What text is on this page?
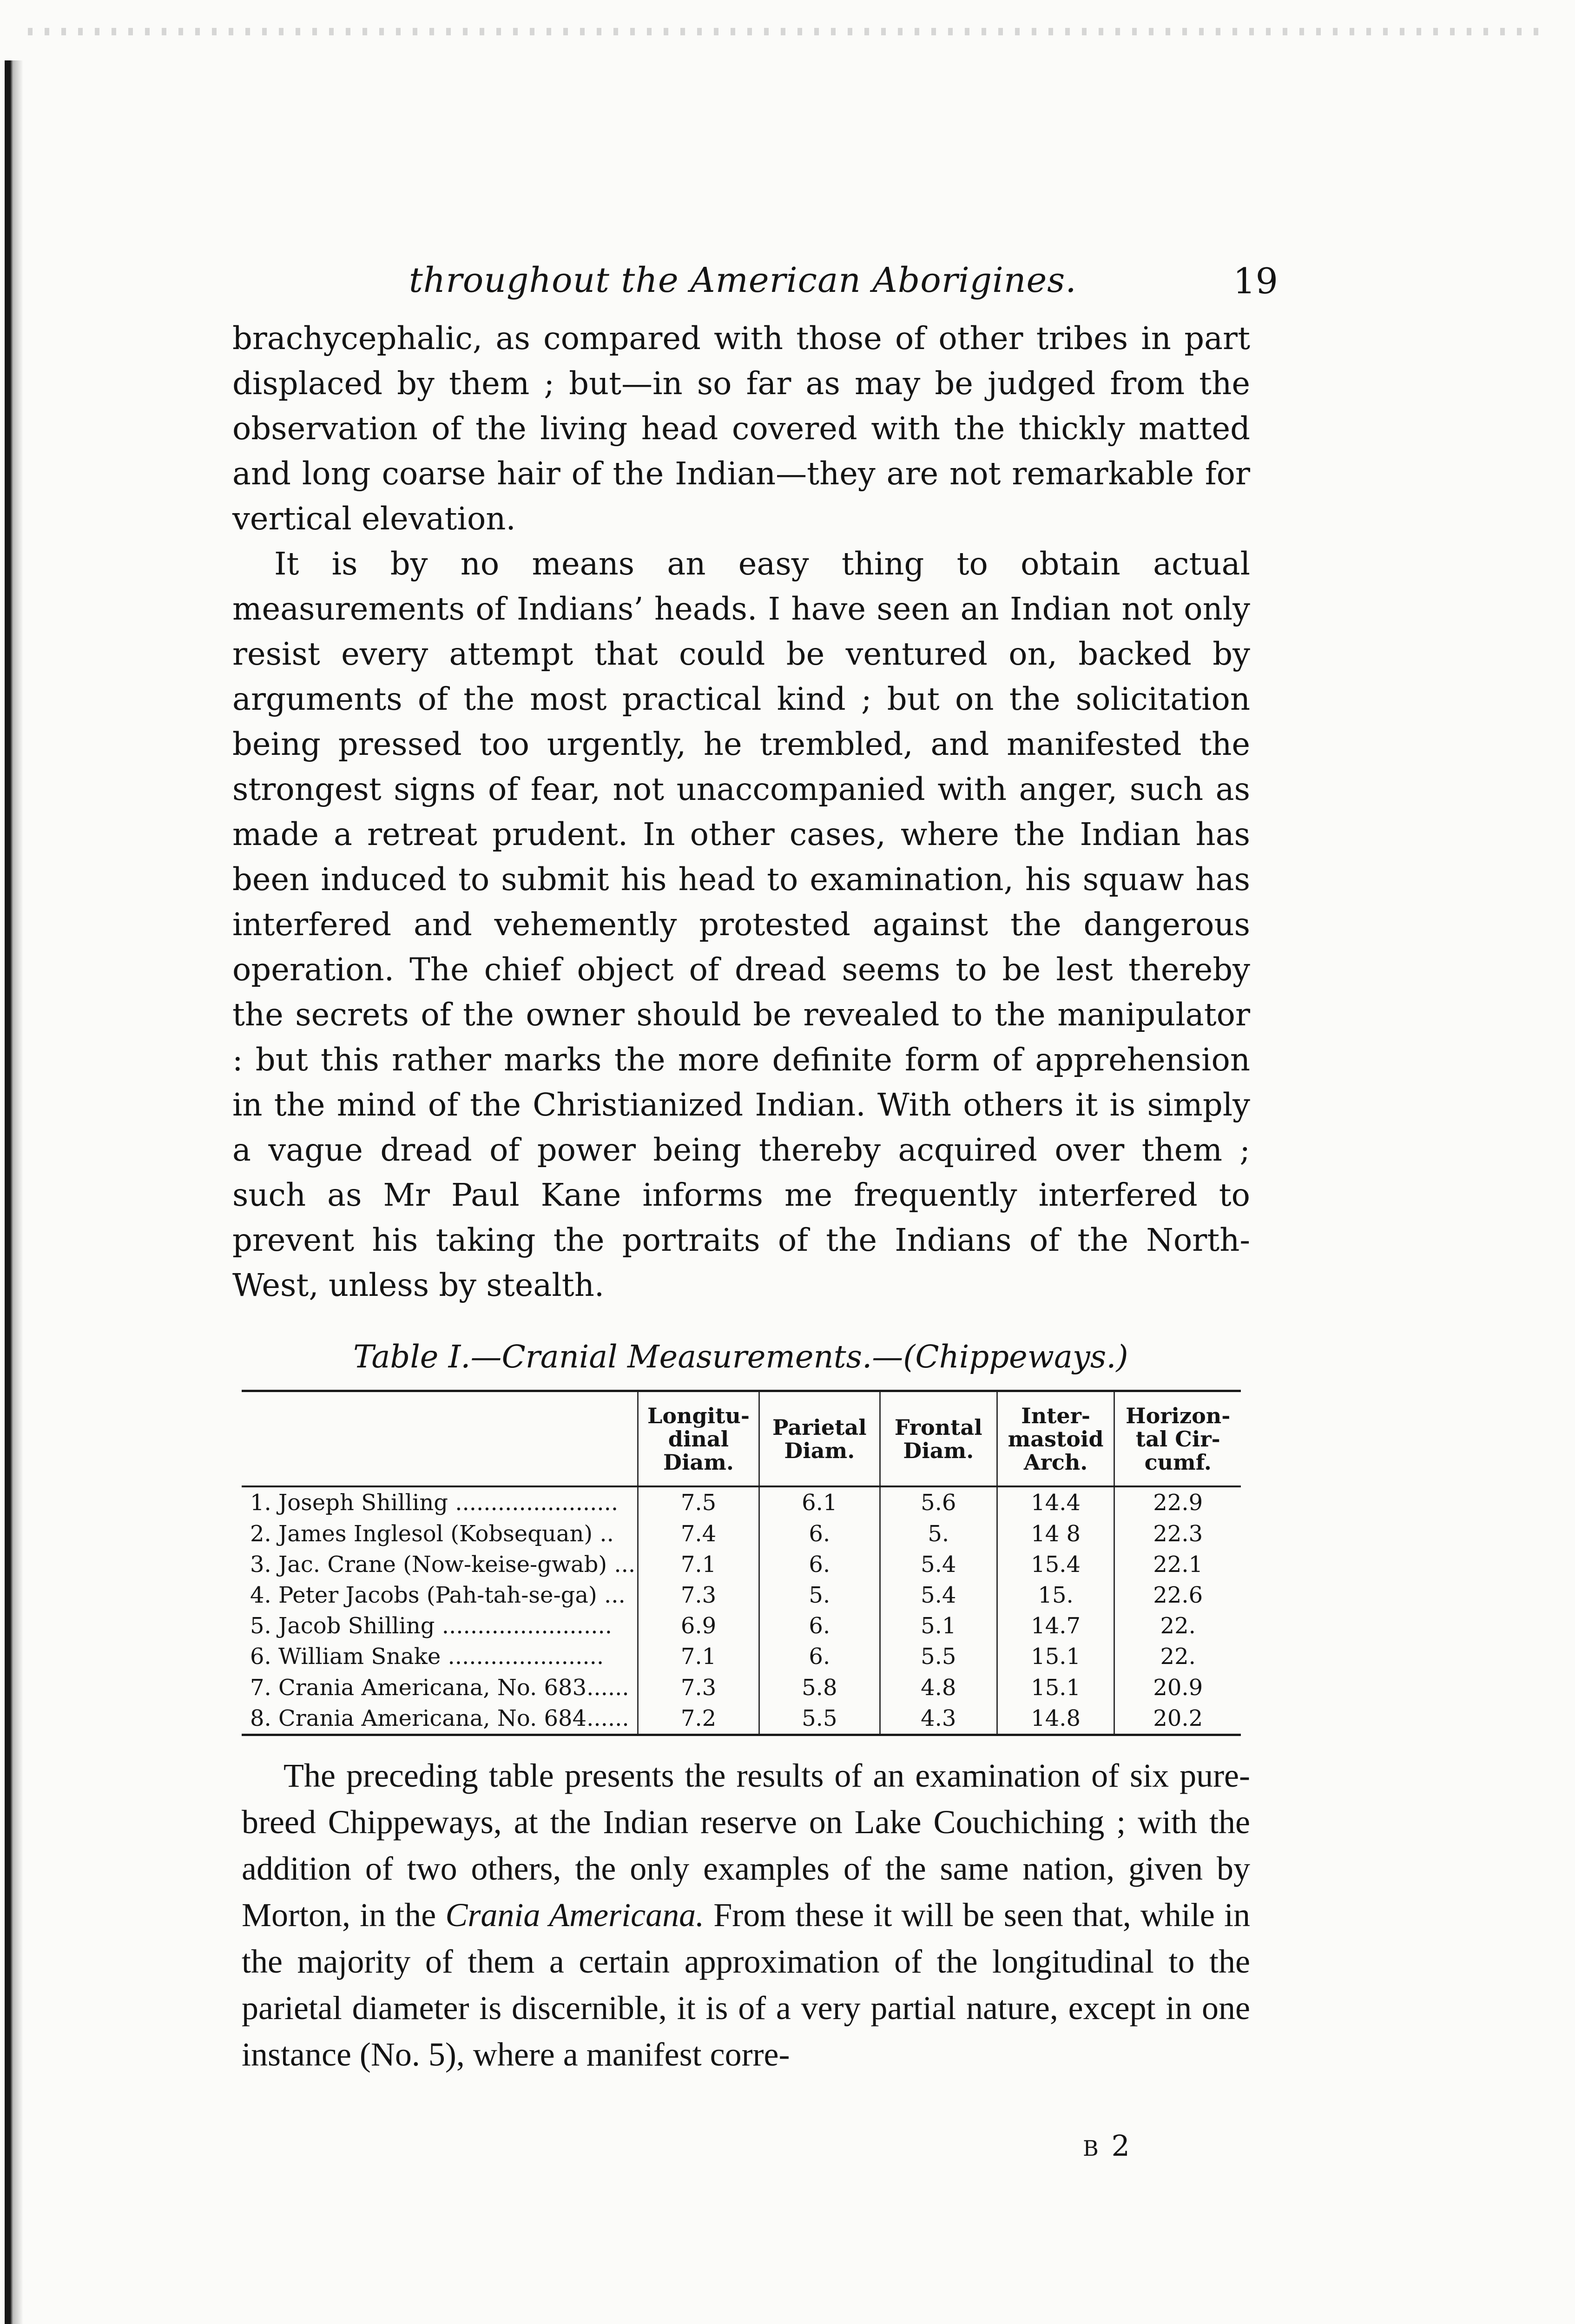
throughout the American Aborigines.	19

brachycephalic, as compared with those of other tribes in part displaced by them ; but—in so far as may be judged from the observation of the living head covered with the thickly matted and long coarse hair of the Indian—they are not remarkable for vertical elevation.

It is by no means an easy thing to obtain actual measurements of Indians’ heads. I have seen an Indian not only resist every attempt that could be ventured on, backed by arguments of the most practical kind ; but on the solicitation being pressed too urgently, he trembled, and manifested the strongest signs of fear, not unaccompanied with anger, such as made a retreat prudent. In other cases, where the Indian has been induced to submit his head to examination, his squaw has interfered and vehemently protested against the dangerous operation. The chief object of dread seems to be lest thereby the secrets of the owner should be revealed to the manipulator : but this rather marks the more definite form of apprehension in the mind of the Christianized Indian. With others it is simply a vague dread of power being thereby acquired over them ; such as Mr Paul Kane informs me frequently interfered to prevent his taking the portraits of the Indians of the North-West, unless by stealth.

Table I.—Cranial Measurements.—(Chippeways.)
	Longitu-dinal Diam.	Parietal Diam.	Frontal Diam.	Inter-mastoid Arch.	Horizon-tal Cir-cumf.
1. Joseph Shilling .......................	7.5	6.1	5.6	14.4	22.9
2. James Inglesol (Kobsequan) ..	7.4	6.	5.	14 8	22.3
3. Jac. Crane (Now-keise-gwab) ...	7.1	6.	5.4	15.4	22.1
4. Peter Jacobs (Pah-tah-se-ga) ...	7.3	5.	5.4	15.	22.6
5. Jacob Shilling ........................	6.9	6.	5.1	14.7	22.
6. William Snake ......................	7.1	6.	5.5	15.1	22.
7. Crania Americana, No. 683......	7.3	5.8	4.8	15.1	20.9
8. Crania Americana, No. 684......	7.2	5.5	4.3	14.8	20.2

The preceding table presents the results of an examination of six pure-breed Chippeways, at the Indian reserve on Lake Couchiching ; with the addition of two others, the only examples of the same nation, given by Morton, in the Crania Americana. From these it will be seen that, while in the majority of them a certain approximation of the longitudinal to the parietal diameter is discernible, it is of a very partial nature, except in one instance (No. 5), where a manifest corre-

B 2
